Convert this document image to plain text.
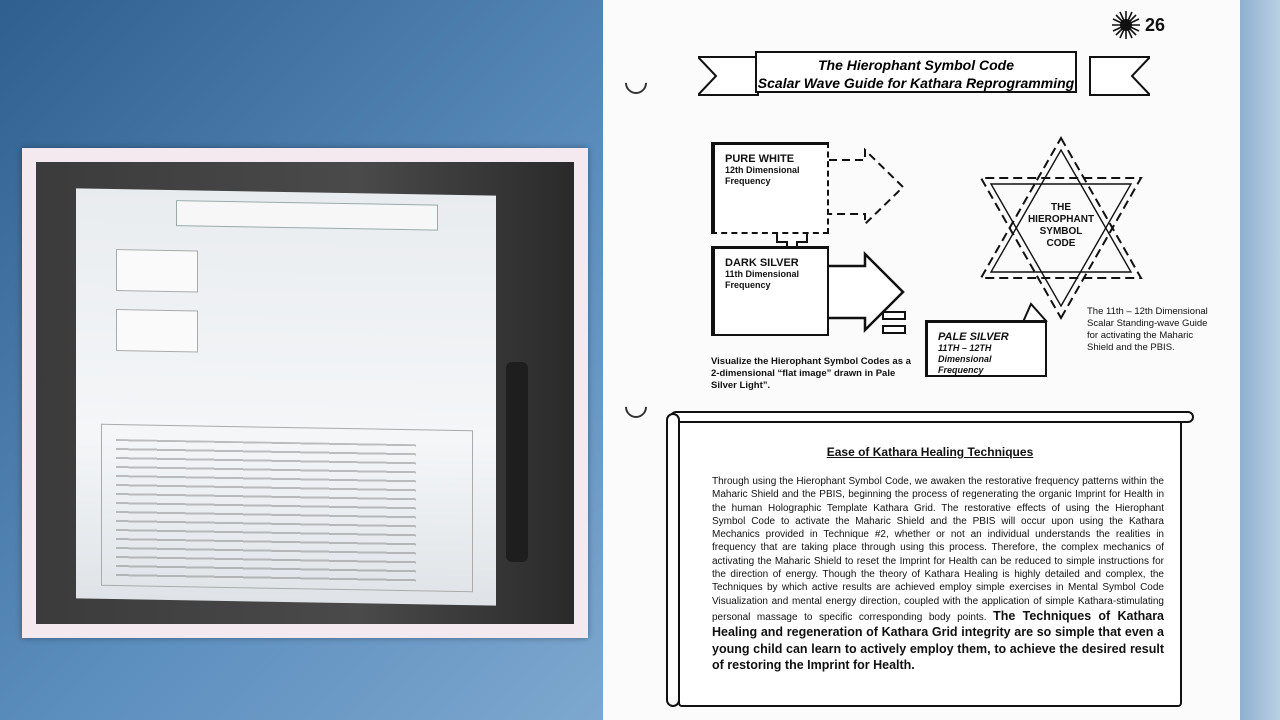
26
The Hierophant Symbol Code
Scalar Wave Guide for Kathara Reprogramming
PURE WHITE
12th Dimensional
Frequency
DARK SILVER
11th Dimensional
Frequency
PALE SILVER
11TH – 12TH Dimensional
Frequency
THE
HIEROPHANT
SYMBOL CODE
Visualize the Hierophant Symbol Codes as a 2-dimensional “flat image” drawn in Pale Silver Light”.
The 11th – 12th Dimensional Scalar Standing-wave Guide for activating the Maharic Shield and the PBIS.
Ease of Kathara Healing Techniques
Through using the Hierophant Symbol Code, we awaken the restorative frequency patterns within the Maharic Shield and the PBIS, beginning the process of regenerating the organic Imprint for Health in the human Holographic Template Kathara Grid. The restorative effects of using the Hierophant Symbol Code to activate the Maharic Shield and the PBIS will occur upon using the Kathara Mechanics provided in Technique #2, whether or not an individual understands the realities in frequency that are taking place through using this process. Therefore, the complex mechanics of activating the Maharic Shield to reset the Imprint for Health can be reduced to simple instructions for the direction of energy. Though the theory of Kathara Healing is highly detailed and complex, the Techniques by which active results are achieved employ simple exercises in Mental Symbol Code Visualization and mental energy direction, coupled with the application of simple Kathara-stimulating personal massage to specific corresponding body points. The Techniques of Kathara Healing and regeneration of Kathara Grid integrity are so simple that even a young child can learn to actively employ them, to achieve the desired result of restoring the Imprint for Health.
